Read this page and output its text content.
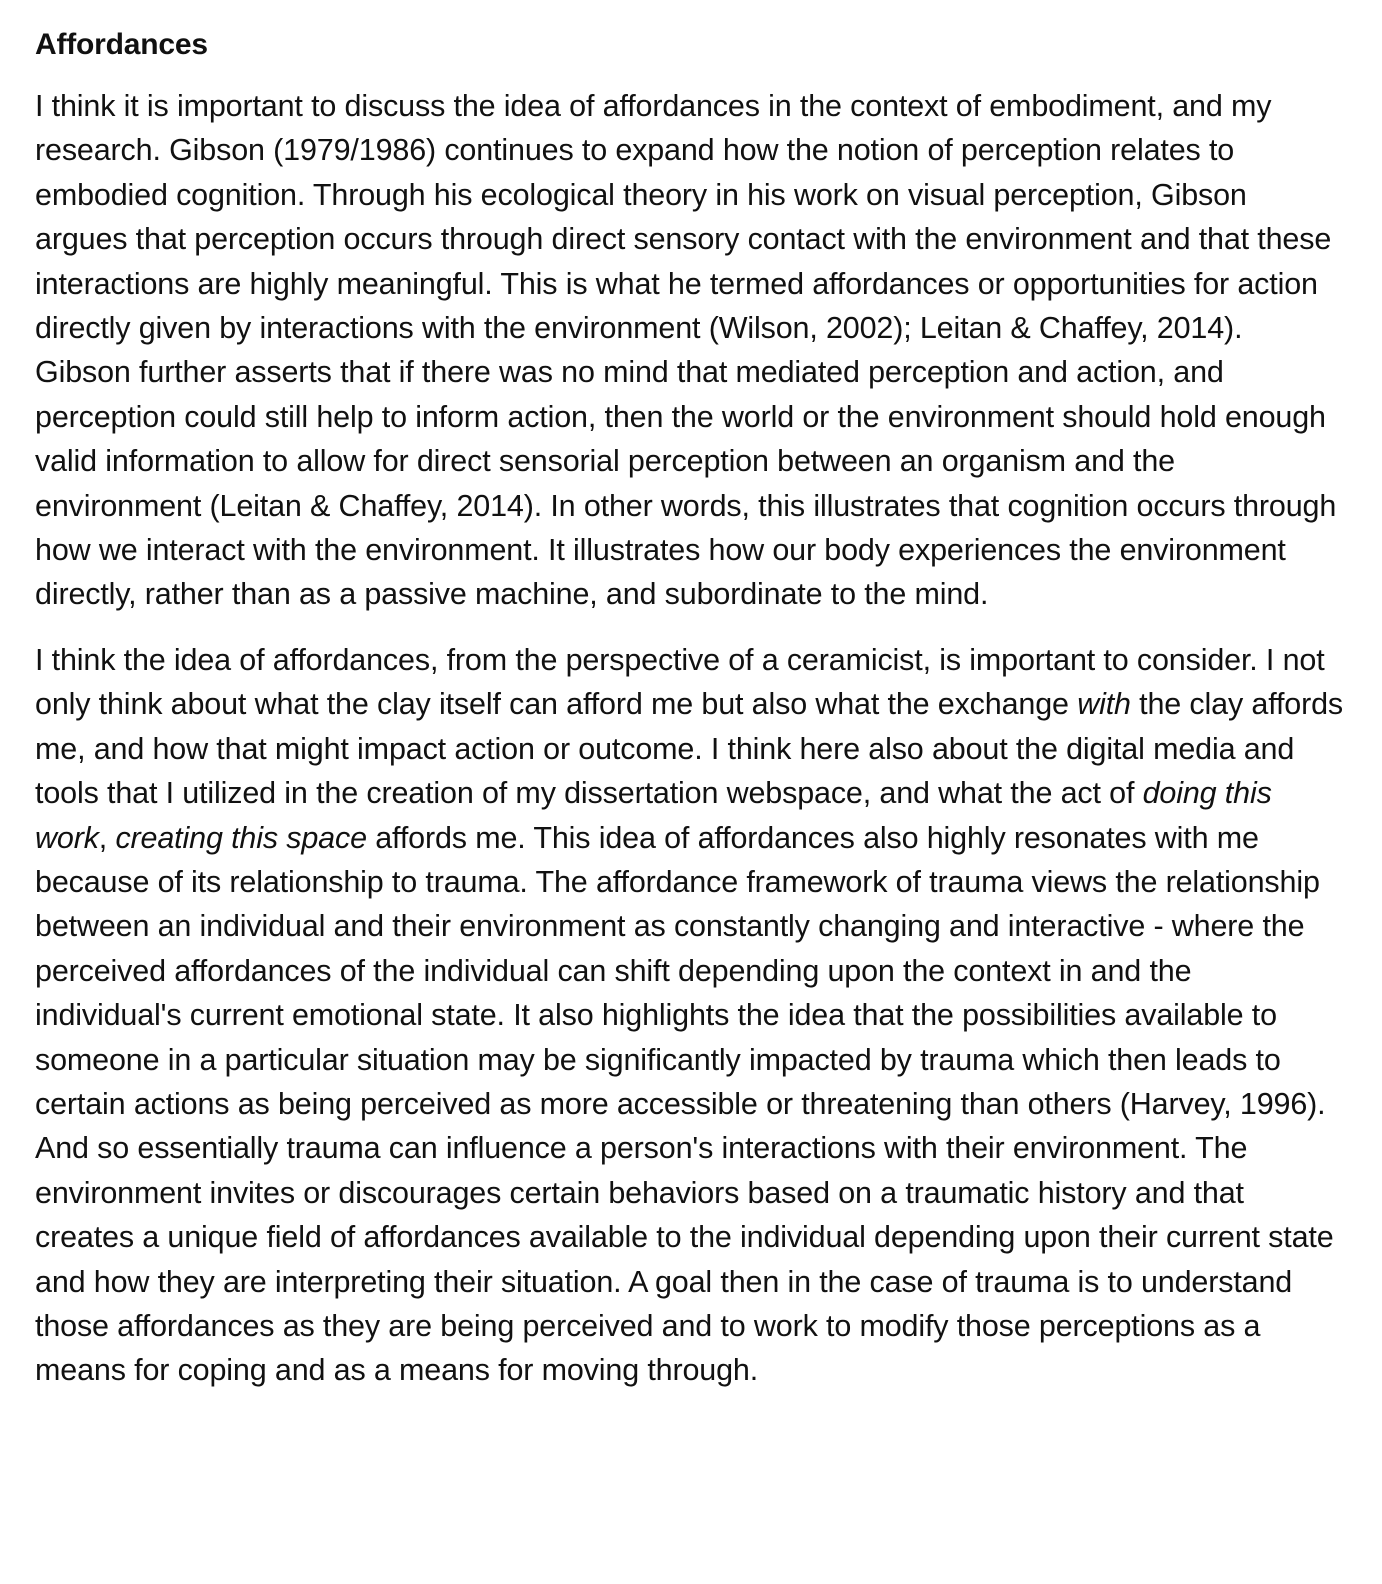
Affordances

I think it is important to discuss the idea of affordances in the context of embodiment, and my research. Gibson (1979/1986) continues to expand how the notion of perception relates to embodied cognition. Through his ecological theory in his work on visual perception, Gibson argues that perception occurs through direct sensory contact with the environment and that these interactions are highly meaningful. This is what he termed affordances or opportunities for action directly given by interactions with the environment (Wilson, 2002); Leitan & Chaffey, 2014). Gibson further asserts that if there was no mind that mediated perception and action, and perception could still help to inform action, then the world or the environment should hold enough valid information to allow for direct sensorial perception between an organism and the environment (Leitan & Chaffey, 2014). In other words, this illustrates that cognition occurs through how we interact with the environment. It illustrates how our body experiences the environment directly, rather than as a passive machine, and subordinate to the mind.

I think the idea of affordances, from the perspective of a ceramicist, is important to consider. I not only think about what the clay itself can afford me but also what the exchange with the clay affords me, and how that might impact action or outcome. I think here also about the digital media and tools that I utilized in the creation of my dissertation webspace, and what the act of doing this work, creating this space affords me. This idea of affordances also highly resonates with me because of its relationship to trauma. The affordance framework of trauma views the relationship between an individual and their environment as constantly changing and interactive - where the perceived affordances of the individual can shift depending upon the context in and the individual's current emotional state. It also highlights the idea that the possibilities available to someone in a particular situation may be significantly impacted by trauma which then leads to certain actions as being perceived as more accessible or threatening than others (Harvey, 1996). And so essentially trauma can influence a person's interactions with their environment. The environment invites or discourages certain behaviors based on a traumatic history and that creates a unique field of affordances available to the individual depending upon their current state and how they are interpreting their situation. A goal then in the case of trauma is to understand those affordances as they are being perceived and to work to modify those perceptions as a means for coping and as a means for moving through.
